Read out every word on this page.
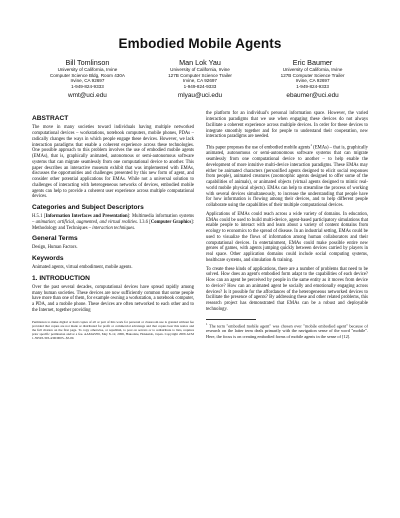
Embodied Mobile Agents
Bill Tomlinson
University of California, Irvine
Computer Science Bldg, Room 430A
Irvine, CA 92697
1-949-824-9333
wmt@uci.edu
Man Lok Yau
University of California, Irvine
127B Computer Science Trailer
Irvine, CA 92697
1-949-824-9333
mlyau@uci.edu
Eric Baumer
University of California, Irvine
127B Computer Science Trailer
Irvine, CA 92697
1-949-824-9333
ebaumer@uci.edu
ABSTRACT

The move in many societies toward individuals having multiple networked computational devices – workstations, notebook computers, mobile phones, PDAs – radically changes the ways in which people engage these devices. However, we lack interaction paradigms that enable a coherent experience across these technologies. One possible approach to this problem involves the use of embodied mobile agents (EMAs), that is, graphically animated, autonomous or semi-autonomous software systems that can migrate seamlessly from one computational device to another. This paper describes an interactive museum exhibit that was implemented with EMAs, discusses the opportunities and challenges presented by this new form of agent, and consider other potential applications for EMAs. While not a universal solution to challenges of interacting with heterogeneous networks of devices, embodied mobile agents can help to provide a coherent user experience across multiple computational devices.

Categories and Subject Descriptors

H.5.1 [Information Interfaces and Presentation]: Multimedia information systems – animation; artificial, augmented, and virtual realities. I.3.6 [Computer Graphics]: Methodology and Techniques – interaction techniques.

General Terms

Design, Human Factors.

Keywords

Animated agents, virtual embodiment, mobile agents.

1. INTRODUCTION

Over the past several decades, computational devices have spread rapidly among many human societies. These devices are now sufficiently common that some people have more than one of them, for example owning a workstation, a notebook computer, a PDA, and a mobile phone. These devices are often networked to each other and to the Internet, together providing

Permission to make digital or hard copies of all or part of this work for personal or classroom use is granted without fee provided that copies are not made or distributed for profit or commercial advantage and that copies bear this notice and the full citation on the first page. To copy otherwise, or republish, to post on servers or to redistribute to lists, requires prior specific permission and/or a fee. AAMAS'06, May 8–12, 2006, Hakodate, Hokkaido, Japan. Copyright 2006 ACM 1-59593-303-4/06/0005...$5.00.

the platform for an individual's personal information space. However, the varied interaction paradigms that we use when engaging these devices do not always facilitate a coherent experience across multiple devices. In order for these devices to integrate smoothly together and for people to understand their cooperation, new interaction paradigms are needed.

This paper proposes the use of embodied mobile agents$^1$ (EMAs) – that is, graphically animated, autonomous or semi-autonomous software systems that can migrate seamlessly from one computational device to another – to help enable the development of more intuitive multi-device interaction paradigms. These EMAs may either be animated characters (personified agents designed to elicit social responses from people), animated creatures (zoomorphic agents designed to offer some of the capabilities of animals), or animated objects (virtual agents designed to mimic real-world mobile physical objects). EMAs can help to streamline the process of working with several devices simultaneously, to increase the understanding that people have for how information is flowing among their devices, and to help different people collaborate using the capabilities of their multiple computational devices.

Applications of EMAs could reach across a wide variety of domains. In education, EMAs could be used to build multi-device, agent-based participatory simulations that enable people to interact with and learn about a variety of content domains from ecology to economics to the spread of disease. In an industrial setting, EMAs could be used to visualize the flows of information among human collaborators and their computational devices. In entertainment, EMAs could make possible entire new genres of games, with agents jumping quickly between devices carried by players in real space. Other application domains could include social computing systems, healthcare systems, and simulation & training.

To create these kinds of applications, there are a number of problems that need to be solved. How does an agent's embodied form adapt to the capabilities of each device? How can an agent be perceived by people in the same entity as it moves from device to device? How can an animated agent be socially and emotionally engaging across devices? Is it possible for the affordances of the heterogeneous networked devices to facilitate the presence of agents? By addressing these and other related problems, this research project has demonstrated that EMAs can be a robust and deployable technology.

$^1$ The term "embodied mobile agent" was chosen over "mobile embodied agent" because of research on the latter term deals primarily with the navigation sense of the word "mobile". Here, the focus is on creating embodied forms of mobile agents in the sense of [12].
